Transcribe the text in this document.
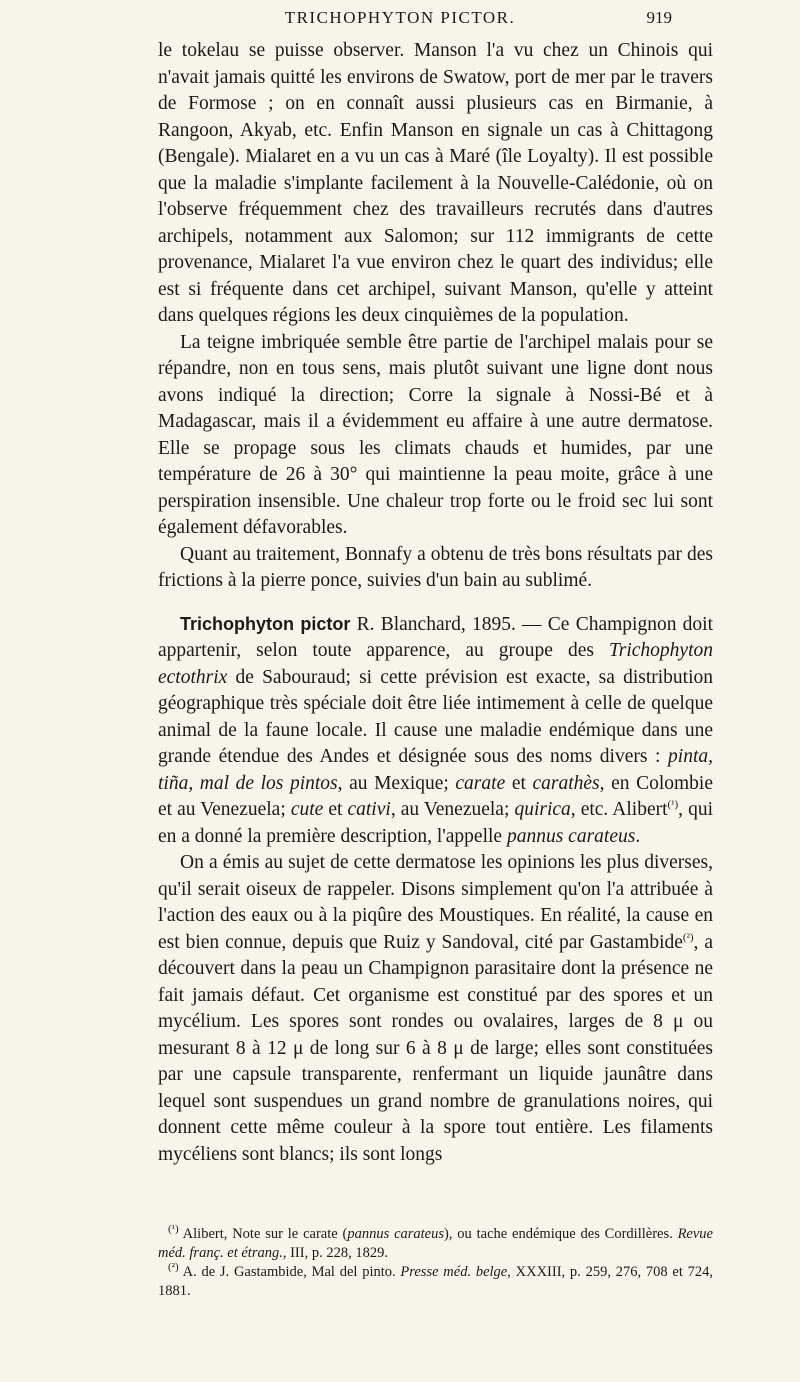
TRICHOPHYTON PICTOR.	919

le tokelau se puisse observer. Manson l'a vu chez un Chinois qui n'avait jamais quitté les environs de Swatow, port de mer par le travers de Formose ; on en connaît aussi plusieurs cas en Birmanie, à Rangoon, Akyab, etc. Enfin Manson en signale un cas à Chittagong (Bengale). Mialaret en a vu un cas à Maré (île Loyalty). Il est possible que la maladie s'implante facilement à la Nouvelle-Calédonie, où on l'observe fréquemment chez des travailleurs recrutés dans d'autres archipels, notamment aux Salomon; sur 112 immigrants de cette provenance, Mialaret l'a vue environ chez le quart des individus; elle est si fréquente dans cet archipel, suivant Manson, qu'elle y atteint dans quelques régions les deux cinquièmes de la population.

La teigne imbriquée semble être partie de l'archipel malais pour se répandre, non en tous sens, mais plutôt suivant une ligne dont nous avons indiqué la direction; Corre la signale à Nossi-Bé et à Madagascar, mais il a évidemment eu affaire à une autre dermatose. Elle se propage sous les climats chauds et humides, par une température de 26 à 30° qui maintienne la peau moite, grâce à une perspiration insensible. Une chaleur trop forte ou le froid sec lui sont également défavorables.

Quant au traitement, Bonnafy a obtenu de très bons résultats par des frictions à la pierre ponce, suivies d'un bain au sublimé.

Trichophyton pictor R. Blanchard, 1895. — Ce Champignon doit appartenir, selon toute apparence, au groupe des Trichophyton ectothrix de Sabouraud; si cette prévision est exacte, sa distribution géographique très spéciale doit être liée intimement à celle de quelque animal de la faune locale. Il cause une maladie endémique dans une grande étendue des Andes et désignée sous des noms divers : pinta, tiña, mal de los pintos, au Mexique; carate et carathès, en Colombie et au Venezuela; cute et cativi, au Venezuela; quirica, etc. Alibert$^{(^1)}$, qui en a donné la première description, l'appelle pannus carateus.

On a émis au sujet de cette dermatose les opinions les plus diverses, qu'il serait oiseux de rappeler. Disons simplement qu'on l'a attribuée à l'action des eaux ou à la piqûre des Moustiques. En réalité, la cause en est bien connue, depuis que Ruiz y Sandoval, cité par Gastambide$^{(^2)}$, a découvert dans la peau un Champignon parasitaire dont la présence ne fait jamais défaut. Cet organisme est constitué par des spores et un mycélium. Les spores sont rondes ou ovalaires, larges de 8 μ ou mesurant 8 à 12 μ de long sur 6 à 8 μ de large; elles sont constituées par une capsule transparente, renfermant un liquide jaunâtre dans lequel sont suspendues un grand nombre de granulations noires, qui donnent cette même couleur à la spore tout entière. Les filaments mycéliens sont blancs; ils sont longs

$^{(^1)}$ Alibert, Note sur le carate (pannus carateus), ou tache endémique des Cordillères. Revue méd. franç. et étrang., III, p. 228, 1829.

$^{(^2)}$ A. de J. Gastambide, Mal del pinto. Presse méd. belge, XXXIII, p. 259, 276, 708 et 724, 1881.
